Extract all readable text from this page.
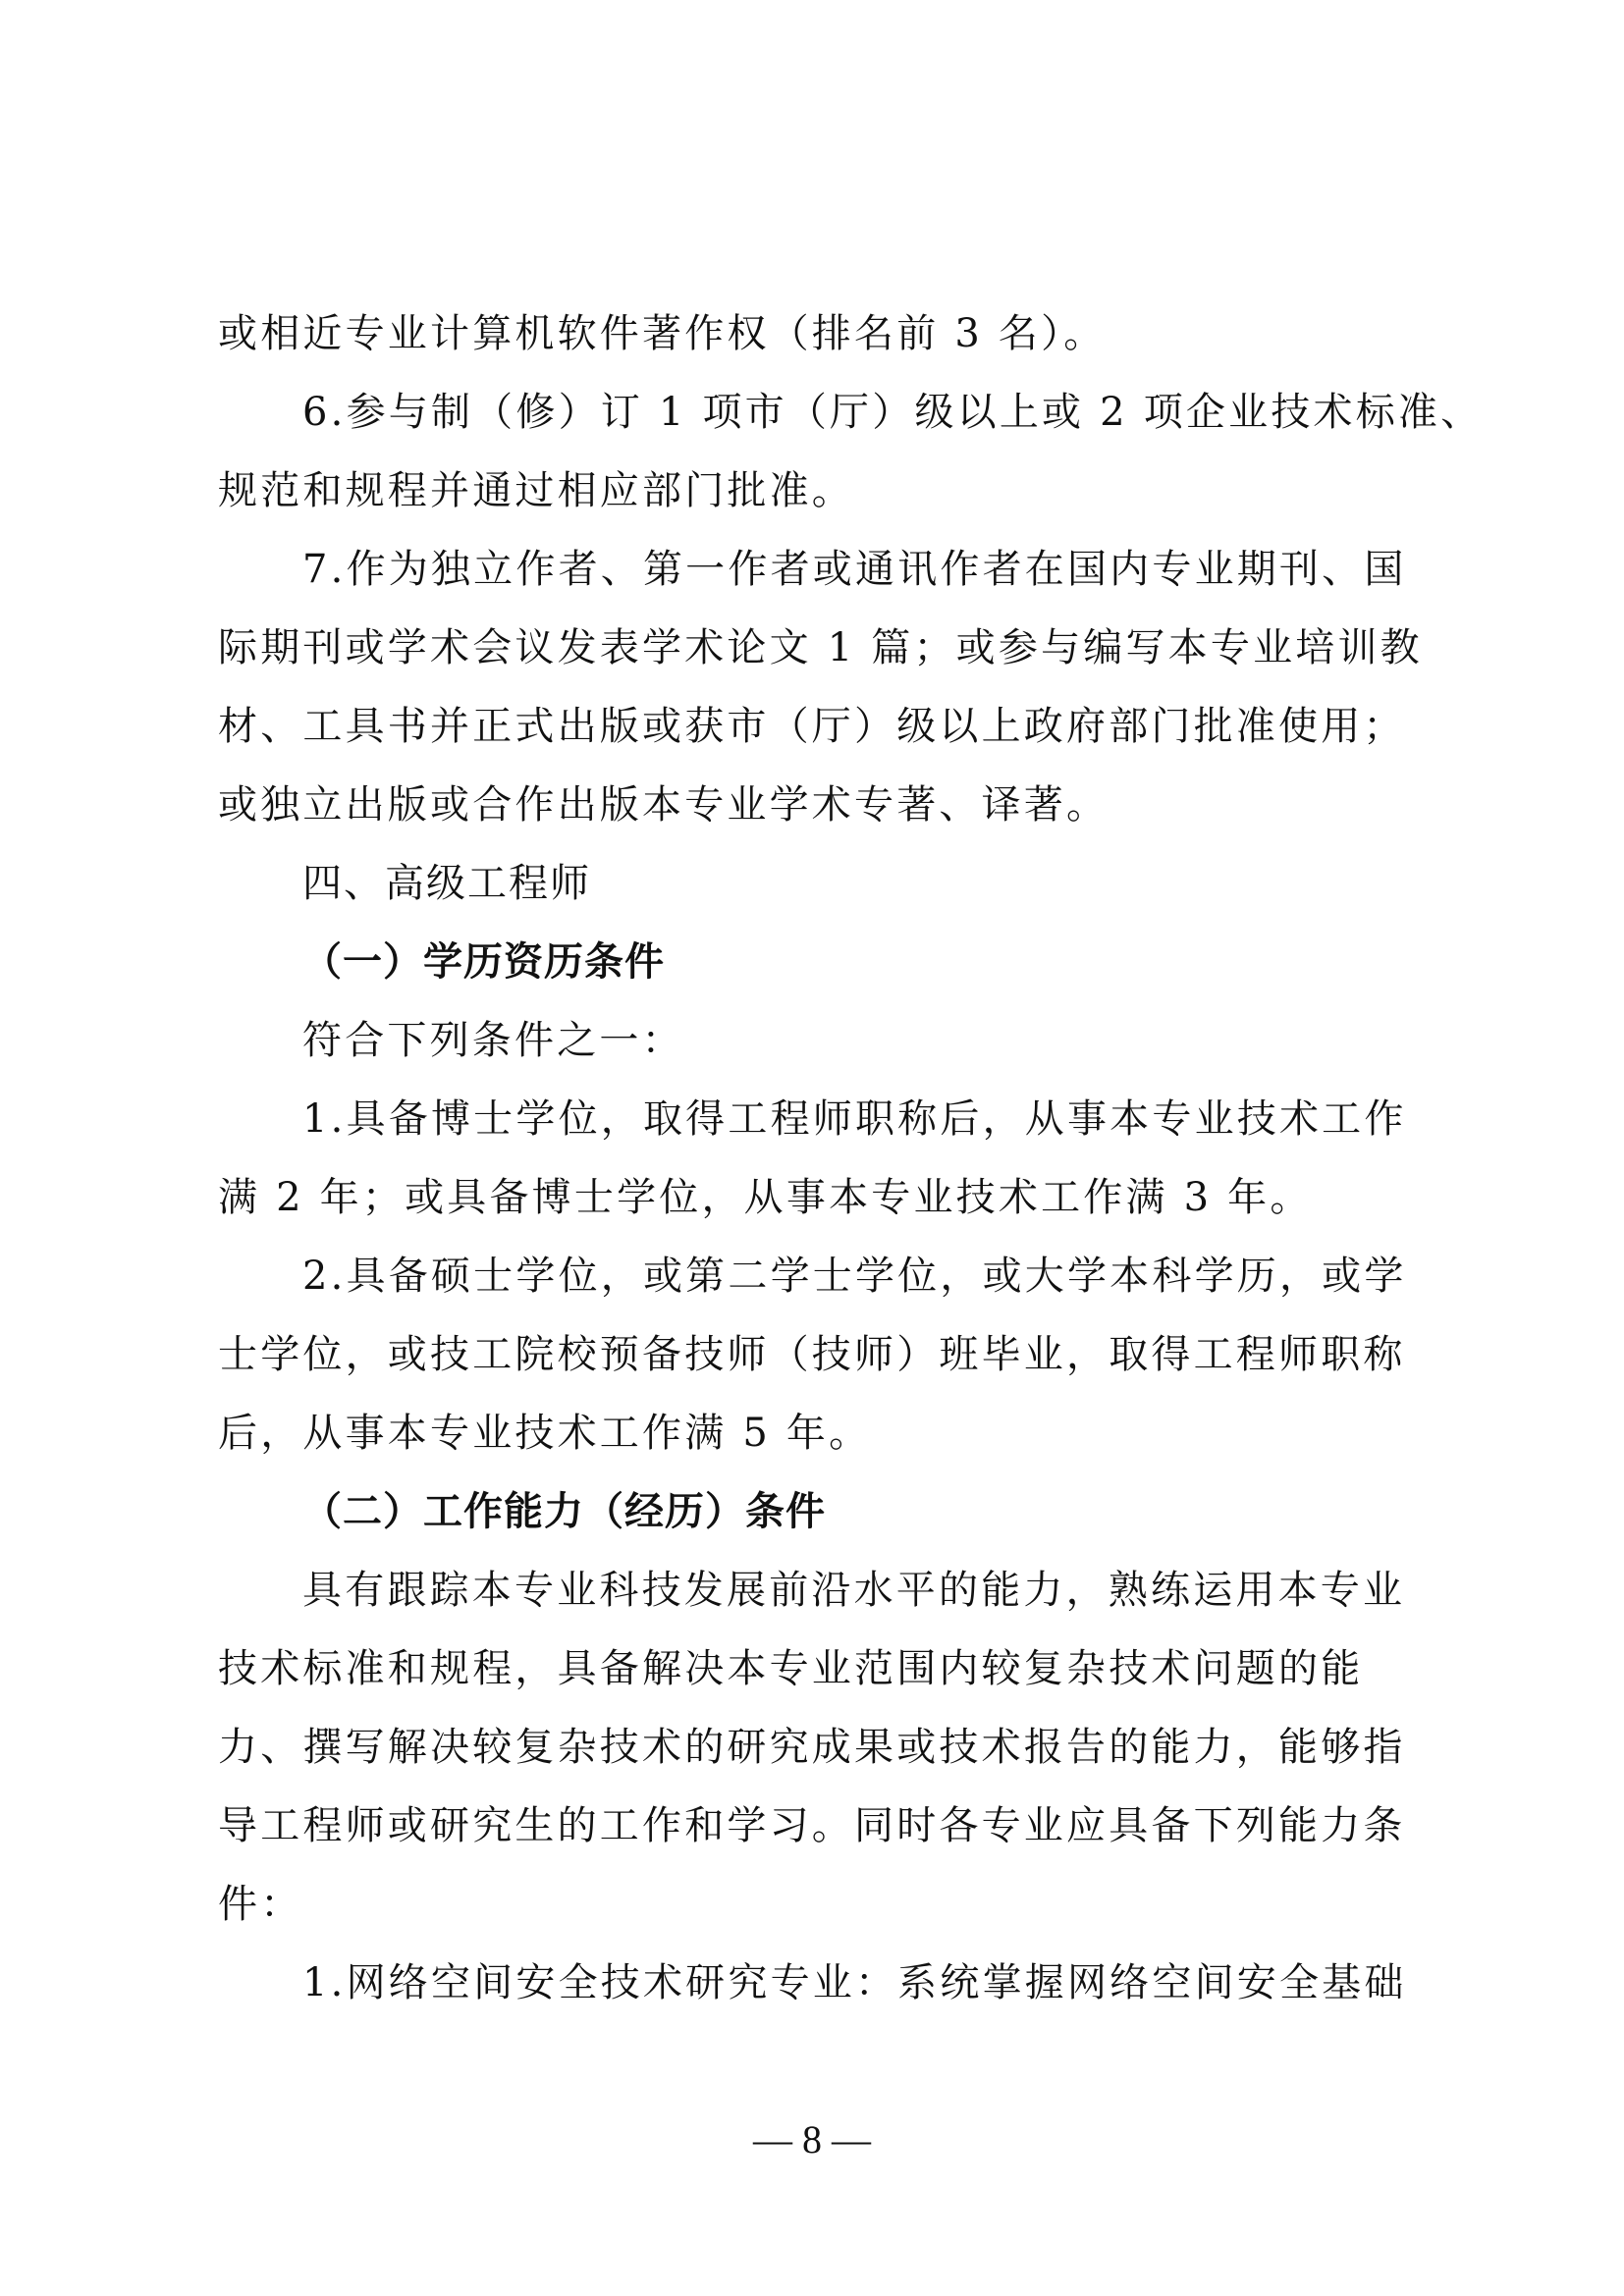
或相近专业计算机软件著作权（排名前 3 名）。
6.参与制（修）订 1 项市（厅）级以上或 2 项企业技术标准、
规范和规程并通过相应部门批准。
7.作为独立作者、第一作者或通讯作者在国内专业期刊、国
际期刊或学术会议发表学术论文 1 篇；或参与编写本专业培训教
材、工具书并正式出版或获市（厅）级以上政府部门批准使用；
或独立出版或合作出版本专业学术专著、译著。
四、高级工程师
（一）学历资历条件
符合下列条件之一：
1.具备博士学位，取得工程师职称后，从事本专业技术工作
满 2 年；或具备博士学位，从事本专业技术工作满 3 年。
2.具备硕士学位，或第二学士学位，或大学本科学历，或学
士学位，或技工院校预备技师（技师）班毕业，取得工程师职称
后，从事本专业技术工作满 5 年。
（二）工作能力（经历）条件
具有跟踪本专业科技发展前沿水平的能力，熟练运用本专业
技术标准和规程，具备解决本专业范围内较复杂技术问题的能
力、撰写解决较复杂技术的研究成果或技术报告的能力，能够指
导工程师或研究生的工作和学习。同时各专业应具备下列能力条
件：
1.网络空间安全技术研究专业：系统掌握网络空间安全基础
— 8 —
